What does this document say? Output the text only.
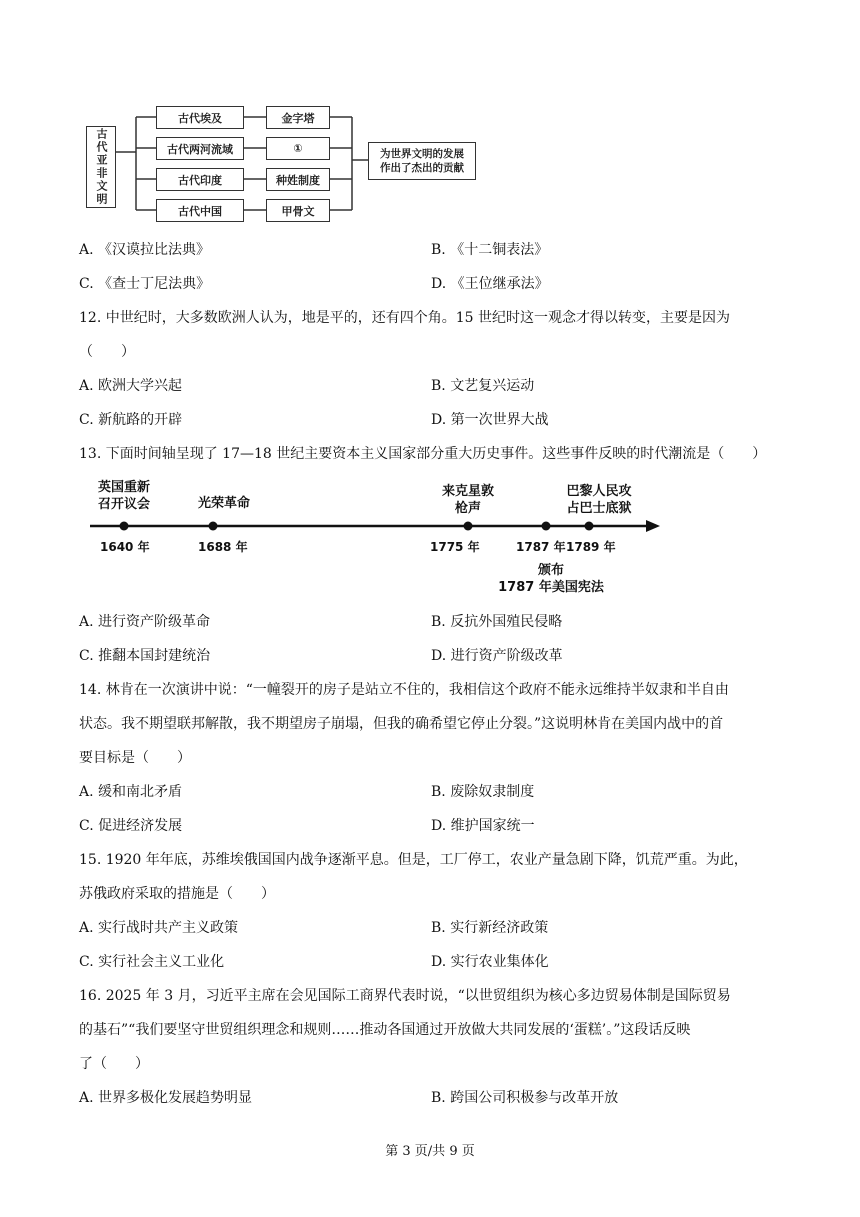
古代亚非文明
古代埃及
古代两河流域
古代印度
古代中国
金字塔
①
种姓制度
甲骨文
为世界文明的发展
作出了杰出的贡献
A. 《汉谟拉比法典》	B. 《十二铜表法》
C. 《查士丁尼法典》	D. 《王位继承法》
12. 中世纪时，大多数欧洲人认为，地是平的，还有四个角。15 世纪时这一观念才得以转变，主要是因为
（　　）
A. 欧洲大学兴起	B. 文艺复兴运动
C. 新航路的开辟	D. 第一次世界大战
13. 下面时间轴呈现了 17—18 世纪主要资本主义国家部分重大历史事件。这些事件反映的时代潮流是（　　）
英国重新
召开议会	光荣革命
来克星敦
枪声
巴黎人民攻
占巴士底狱
1640 年	1688 年	1775 年	1787 年 1789 年
颁布
1787 年美国宪法
A. 进行资产阶级革命	B. 反抗外国殖民侵略
C. 推翻本国封建统治	D. 进行资产阶级改革
14. 林肯在一次演讲中说：“一幢裂开的房子是站立不住的，我相信这个政府不能永远维持半奴隶和半自由
状态。我不期望联邦解散，我不期望房子崩塌，但我的确希望它停止分裂。”这说明林肯在美国内战中的首
要目标是（　　）
A. 缓和南北矛盾	B. 废除奴隶制度
C. 促进经济发展	D. 维护国家统一
15. 1920 年年底，苏维埃俄国国内战争逐渐平息。但是，工厂停工，农业产量急剧下降，饥荒严重。为此，
苏俄政府采取的措施是（　　）
A. 实行战时共产主义政策	B. 实行新经济政策
C. 实行社会主义工业化	D. 实行农业集体化
16. 2025 年 3 月，习近平主席在会见国际工商界代表时说，“以世贸组织为核心多边贸易体制是国际贸易
的基石”“我们要坚守世贸组织理念和规则……推动各国通过开放做大共同发展的‘蛋糕’。”这段话反映
了（　　）
A. 世界多极化发展趋势明显	B. 跨国公司积极参与改革开放
第 3 页/共 9 页
